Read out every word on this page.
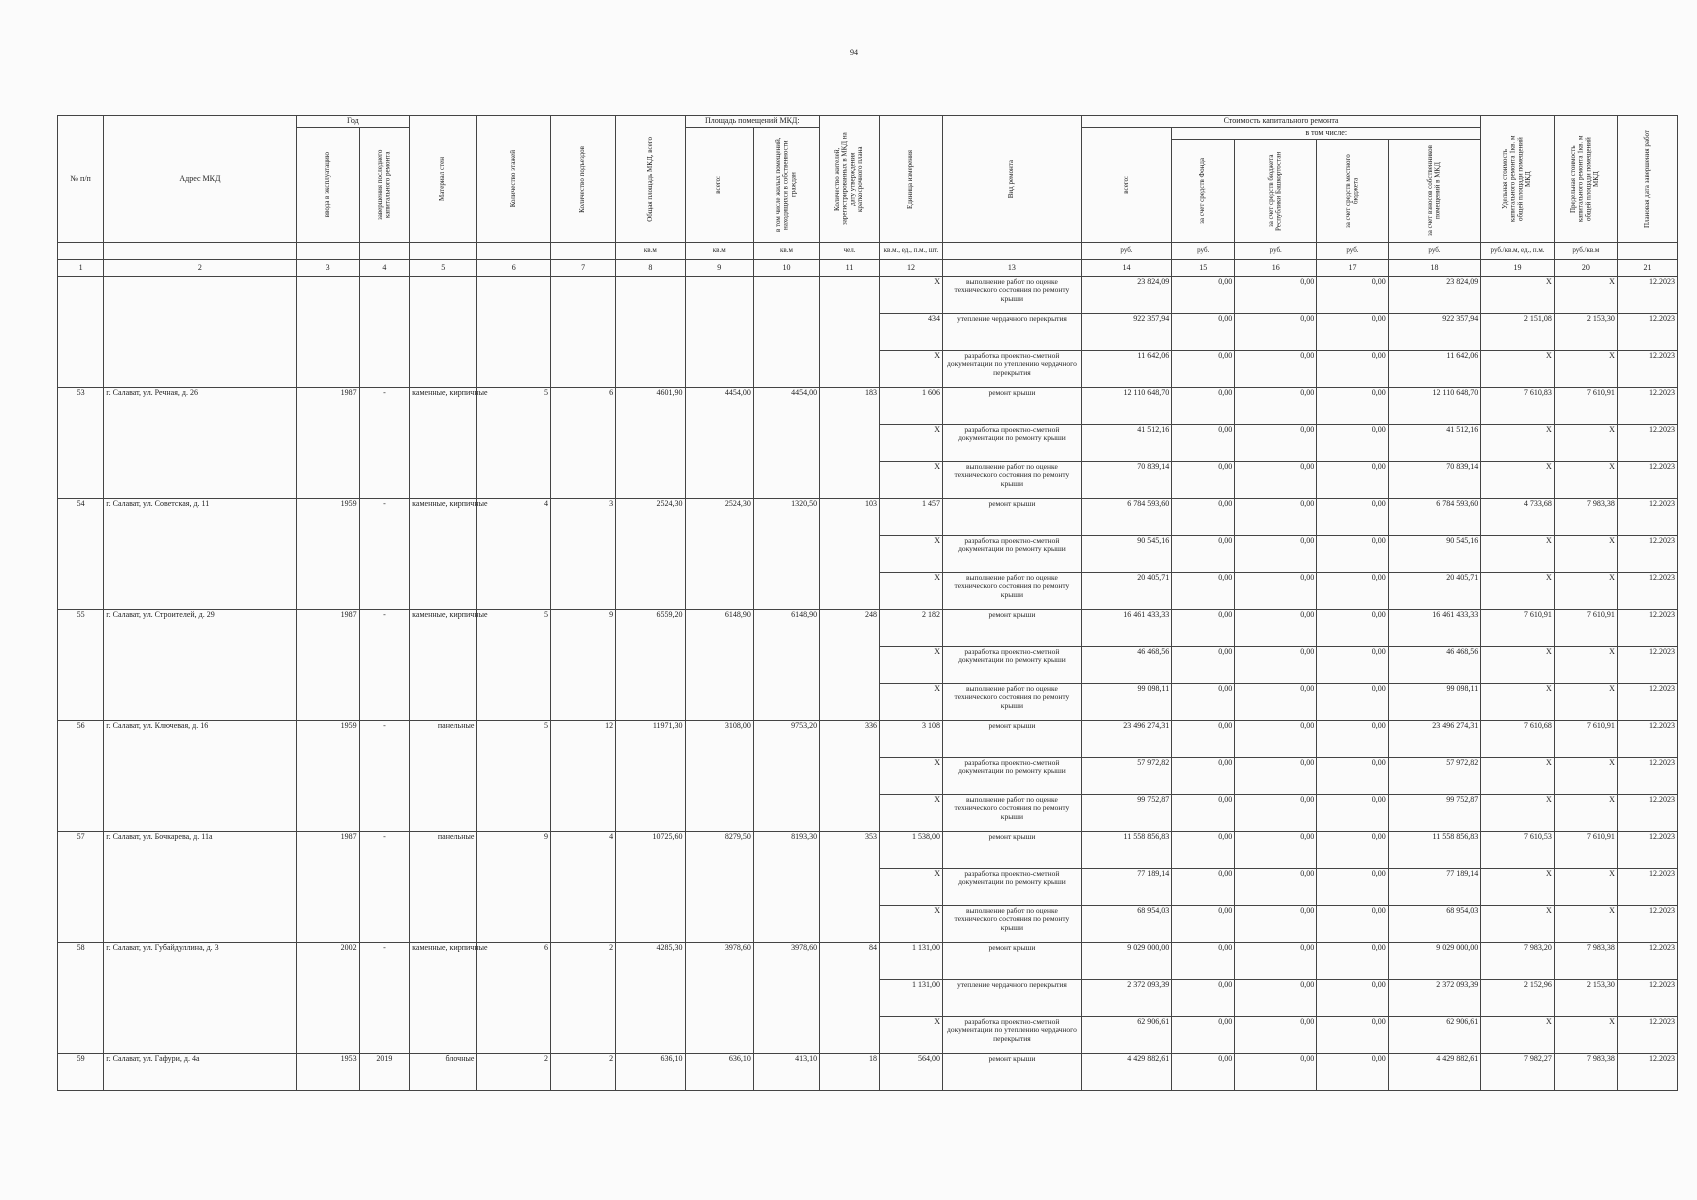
94
№ п/п	Адрес МКД	Год		Материал стен	Количество этажей	Количество подъездов	Общая площадь МКД, всего	Площадь помещений МКД:		Количество жителей, зарегистрированных в МКД на дату утверждения краткосрочного плана	Единица измерения	Вид ремонта	Стоимость капитального ремонта					Удельная стоимость капитального ремонта 1кв. м общей площади помещений МКД	Предельная стоимость капитального ремонта 1кв. м общей площади помещений МКД	Плановая дата завершения работ

		ввода в эксплуатацию	завершения последнего капитального ремонта					всего:	в том числе жилых помещений, находящихся в собственности граждан				всего:	в том числе:						

														за счет средств Фонда	за счет средств бюджета Республики Башкортостан	за счет средств местного бюджета	за счет взносов собственников помещений в МКД			

							кв.м	кв.м	кв.м	чел.	кв.м., ед., п.м., шт.		руб.	руб.	руб.	руб.	руб.	руб./кв.м, ед., п.м.	руб./кв.м	
1	2	3	4	5	6	7	8	9	10	11	12	13	14	15	16	17	18	19	20	21
											X	выполнение работ по оценке технического состояния по ремонту крыши	23 824,09	0,00	0,00	0,00	23 824,09	X	X	12.2023
											434	утепление чердачного перекрытия	922 357,94	0,00	0,00	0,00	922 357,94	2 151,08	2 153,30	12.2023
											X	разработка проектно-сметной документации по утеплению чердачного перекрытия	11 642,06	0,00	0,00	0,00	11 642,06	X	X	12.2023
53	г. Салават, ул. Речная, д. 26	1987	-	каменные, кирпичные	5	6	4601,90	4454,00	4454,00	183	1 606	ремонт крыши	12 110 648,70	0,00	0,00	0,00	12 110 648,70	7 610,83	7 610,91	12.2023
											X	разработка проектно-сметной документации по ремонту крыши	41 512,16	0,00	0,00	0,00	41 512,16	X	X	12.2023
											X	выполнение работ по оценке технического состояния по ремонту крыши	70 839,14	0,00	0,00	0,00	70 839,14	X	X	12.2023
54	г. Салават, ул. Советская, д. 11	1959	-	каменные, кирпичные	4	3	2524,30	2524,30	1320,50	103	1 457	ремонт крыши	6 784 593,60	0,00	0,00	0,00	6 784 593,60	4 733,68	7 983,38	12.2023
											X	разработка проектно-сметной документации по ремонту крыши	90 545,16	0,00	0,00	0,00	90 545,16	X	X	12.2023
											X	выполнение работ по оценке технического состояния по ремонту крыши	20 405,71	0,00	0,00	0,00	20 405,71	X	X	12.2023
55	г. Салават, ул. Строителей, д. 29	1987	-	каменные, кирпичные	5	9	6559,20	6148,90	6148,90	248	2 182	ремонт крыши	16 461 433,33	0,00	0,00	0,00	16 461 433,33	7 610,91	7 610,91	12.2023
											X	разработка проектно-сметной документации по ремонту крыши	46 468,56	0,00	0,00	0,00	46 468,56	X	X	12.2023
											X	выполнение работ по оценке технического состояния по ремонту крыши	99 098,11	0,00	0,00	0,00	99 098,11	X	X	12.2023
56	г. Салават, ул. Ключевая, д. 16	1959	-	панельные	5	12	11971,30	3108,00	9753,20	336	3 108	ремонт крыши	23 496 274,31	0,00	0,00	0,00	23 496 274,31	7 610,68	7 610,91	12.2023
											X	разработка проектно-сметной документации по ремонту крыши	57 972,82	0,00	0,00	0,00	57 972,82	X	X	12.2023
											X	выполнение работ по оценке технического состояния по ремонту крыши	99 752,87	0,00	0,00	0,00	99 752,87	X	X	12.2023
57	г. Салават, ул. Бочкарева, д. 11а	1987	-	панельные	9	4	10725,60	8279,50	8193,30	353	1 538,00	ремонт крыши	11 558 856,83	0,00	0,00	0,00	11 558 856,83	7 610,53	7 610,91	12.2023
											X	разработка проектно-сметной документации по ремонту крыши	77 189,14	0,00	0,00	0,00	77 189,14	X	X	12.2023
											X	выполнение работ по оценке технического состояния по ремонту крыши	68 954,03	0,00	0,00	0,00	68 954,03	X	X	12.2023
58	г. Салават, ул. Губайдуллина, д. 3	2002	-	каменные, кирпичные	6	2	4285,30	3978,60	3978,60	84	1 131,00	ремонт крыши	9 029 000,00	0,00	0,00	0,00	9 029 000,00	7 983,20	7 983,38	12.2023
											1 131,00	утепление чердачного перекрытия	2 372 093,39	0,00	0,00	0,00	2 372 093,39	2 152,96	2 153,30	12.2023
											X	разработка проектно-сметной документации по утеплению чердачного перекрытия	62 906,61	0,00	0,00	0,00	62 906,61	X	X	12.2023
59	г. Салават, ул. Гафури, д. 4а	1953	2019	блочные	2	2	636,10	636,10	413,10	18	564,00	ремонт крыши	4 429 882,61	0,00	0,00	0,00	4 429 882,61	7 982,27	7 983,38	12.2023
